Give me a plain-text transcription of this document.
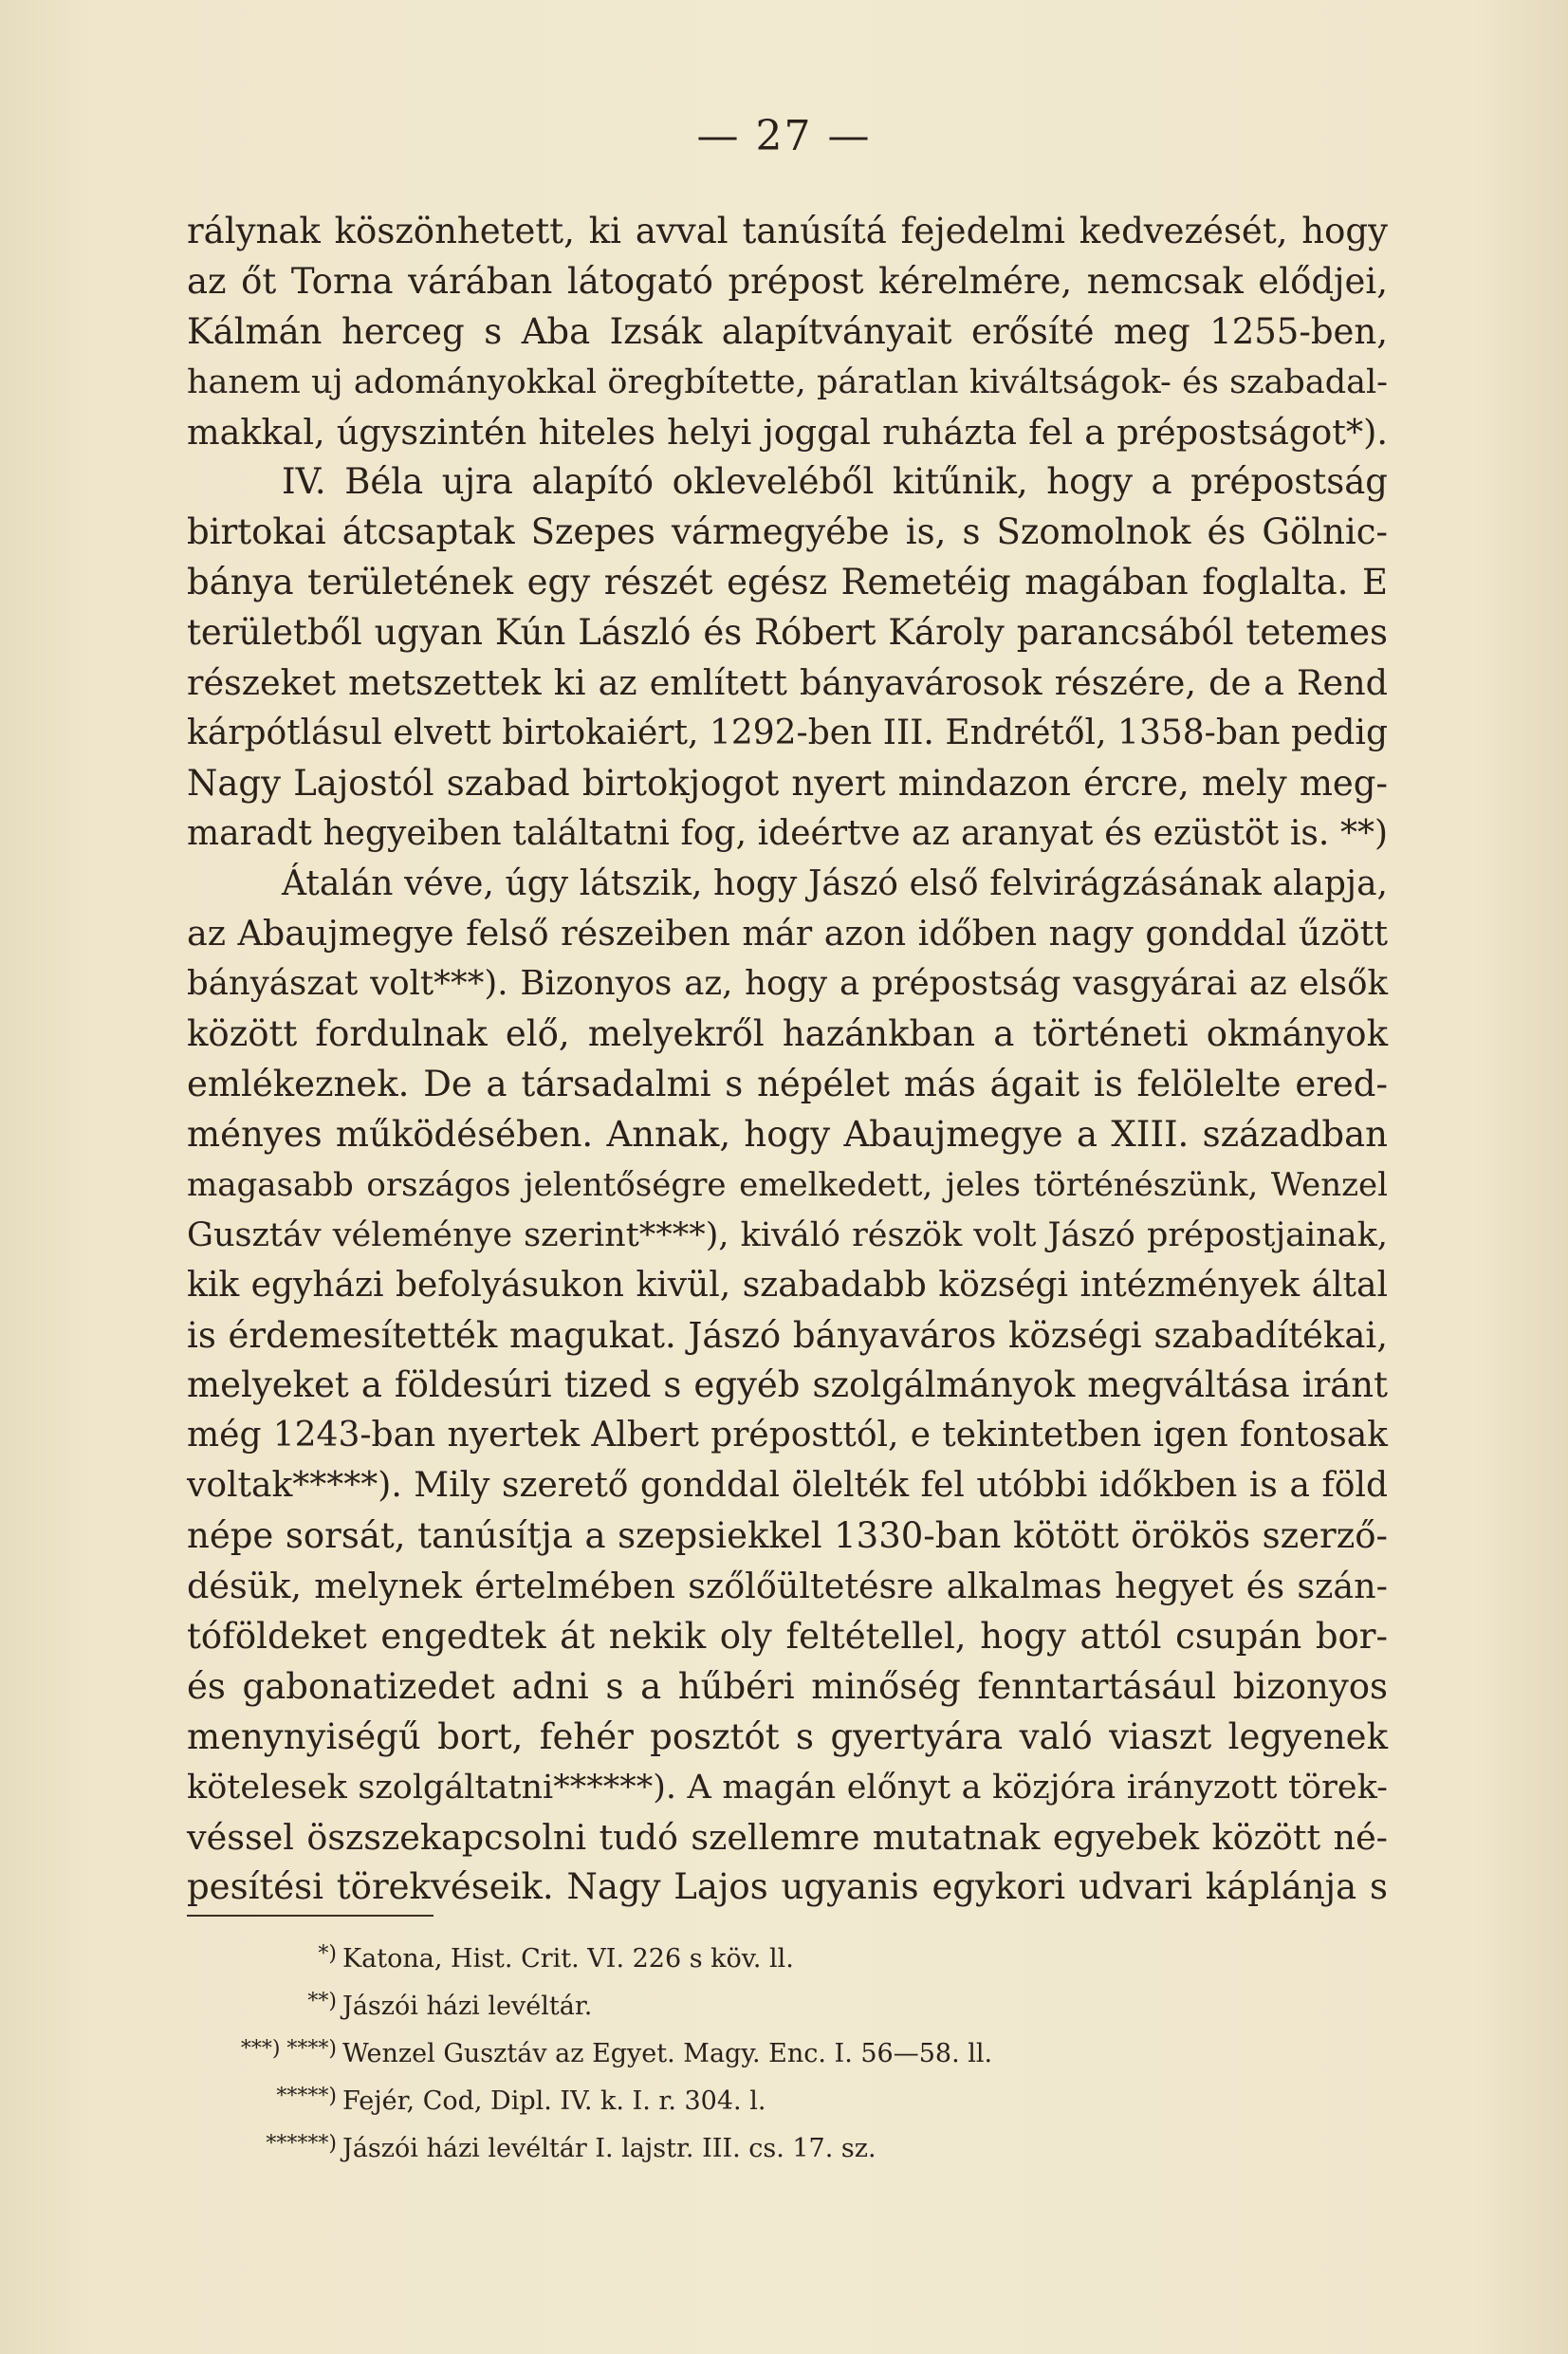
— 27 —
rálynak köszönhetett, ki avval tanúsítá fejedelmi kedvezését, hogy
az őt Torna várában látogató prépost kérelmére, nemcsak elődjei,
Kálmán herceg s Aba Izsák alapítványait erősíté meg 1255-ben,
hanem uj adományokkal öregbítette, páratlan kiváltságok- és szabadal-
makkal, úgyszintén hiteles helyi joggal ruházta fel a prépostságot*).
IV. Béla ujra alapító okleveléből kitűnik, hogy a prépostság
birtokai átcsaptak Szepes vármegyébe is, s Szomolnok és Gölnic-
bánya területének egy részét egész Remetéig magában foglalta. E
területből ugyan Kún László és Róbert Károly parancsából tetemes
részeket metszettek ki az említett bányavárosok részére, de a Rend
kárpótlásul elvett birtokaiért, 1292-ben III. Endrétől, 1358-ban pedig
Nagy Lajostól szabad birtokjogot nyert mindazon ércre, mely meg-
maradt hegyeiben találtatni fog, ideértve az aranyat és ezüstöt is. **)
Átalán véve, úgy látszik, hogy Jászó első felvirágzásának alapja,
az Abaujmegye felső részeiben már azon időben nagy gonddal űzött
bányászat volt***). Bizonyos az, hogy a prépostság vasgyárai az elsők
között fordulnak elő, melyekről hazánkban a történeti okmányok
emlékeznek. De a társadalmi s népélet más ágait is felölelte ered-
ményes működésében. Annak, hogy Abaujmegye a XIII. században
magasabb országos jelentőségre emelkedett, jeles történészünk, Wenzel
Gusztáv véleménye szerint****), kiváló részök volt Jászó prépostjainak,
kik egyházi befolyásukon kivül, szabadabb községi intézmények által
is érdemesítették magukat. Jászó bányaváros községi szabadítékai,
melyeket a földesúri tized s egyéb szolgálmányok megváltása iránt
még 1243-ban nyertek Albert préposttól, e tekintetben igen fontosak
voltak*****). Mily szerető gonddal ölelték fel utóbbi időkben is a föld
népe sorsát, tanúsítja a szepsiekkel 1330-ban kötött örökös szerző-
désük, melynek értelmében szőlőültetésre alkalmas hegyet és szán-
tóföldeket engedtek át nekik oly feltétellel, hogy attól csupán bor-
és gabonatizedet adni s a hűbéri minőség fenntartásául bizonyos
menynyiségű bort, fehér posztót s gyertyára való viaszt legyenek
kötelesek szolgáltatni******). A magán előnyt a közjóra irányzott törek-
véssel öszszekapcsolni tudó szellemre mutatnak egyebek között né-
pesítési törekvéseik. Nagy Lajos ugyanis egykori udvari káplánja s
*) Katona, Hist. Crit. VI. 226 s köv. ll.
**) Jászói házi levéltár.
***) ****) Wenzel Gusztáv az Egyet. Magy. Enc. I. 56—58. ll.
*****) Fejér, Cod, Dipl. IV. k. I. r. 304. l.
******) Jászói házi levéltár I. lajstr. III. cs. 17. sz.
